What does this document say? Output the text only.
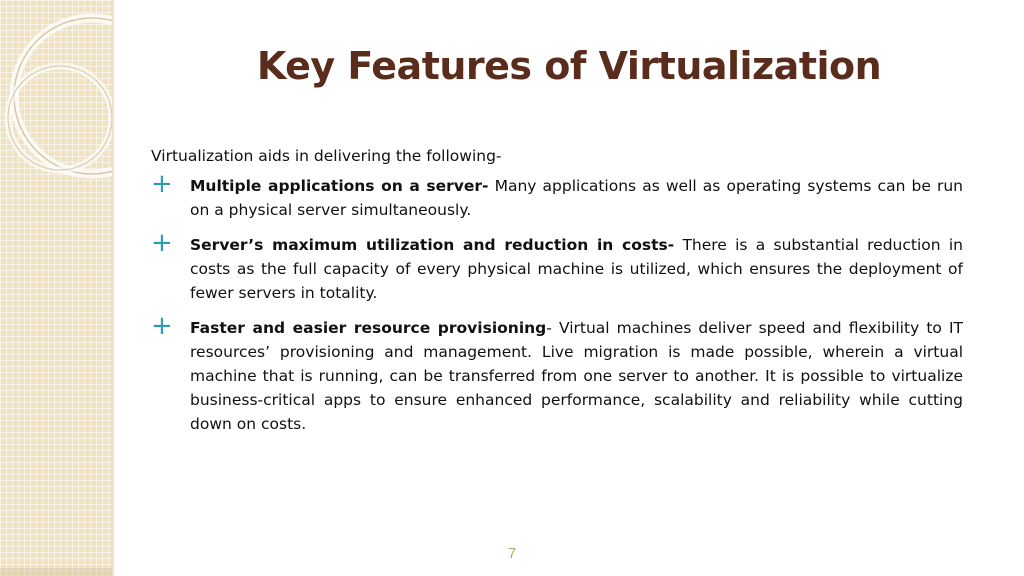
Key Features of Virtualization

Virtualization aids in delivering the following-

+ Multiple applications on a server- Many applications as well as operating systems can be run on a physical server simultaneously.

+ Server’s maximum utilization and reduction in costs- There is a substantial reduction in costs as the full capacity of every physical machine is utilized, which ensures the deployment of fewer servers in totality.

+ Faster and easier resource provisioning- Virtual machines deliver speed and flexibility to IT resources’ provisioning and management. Live migration is made possible, wherein a virtual machine that is running, can be transferred from one server to another. It is possible to virtualize business-critical apps to ensure enhanced performance, scalability and reliability while cutting down on costs.

7
